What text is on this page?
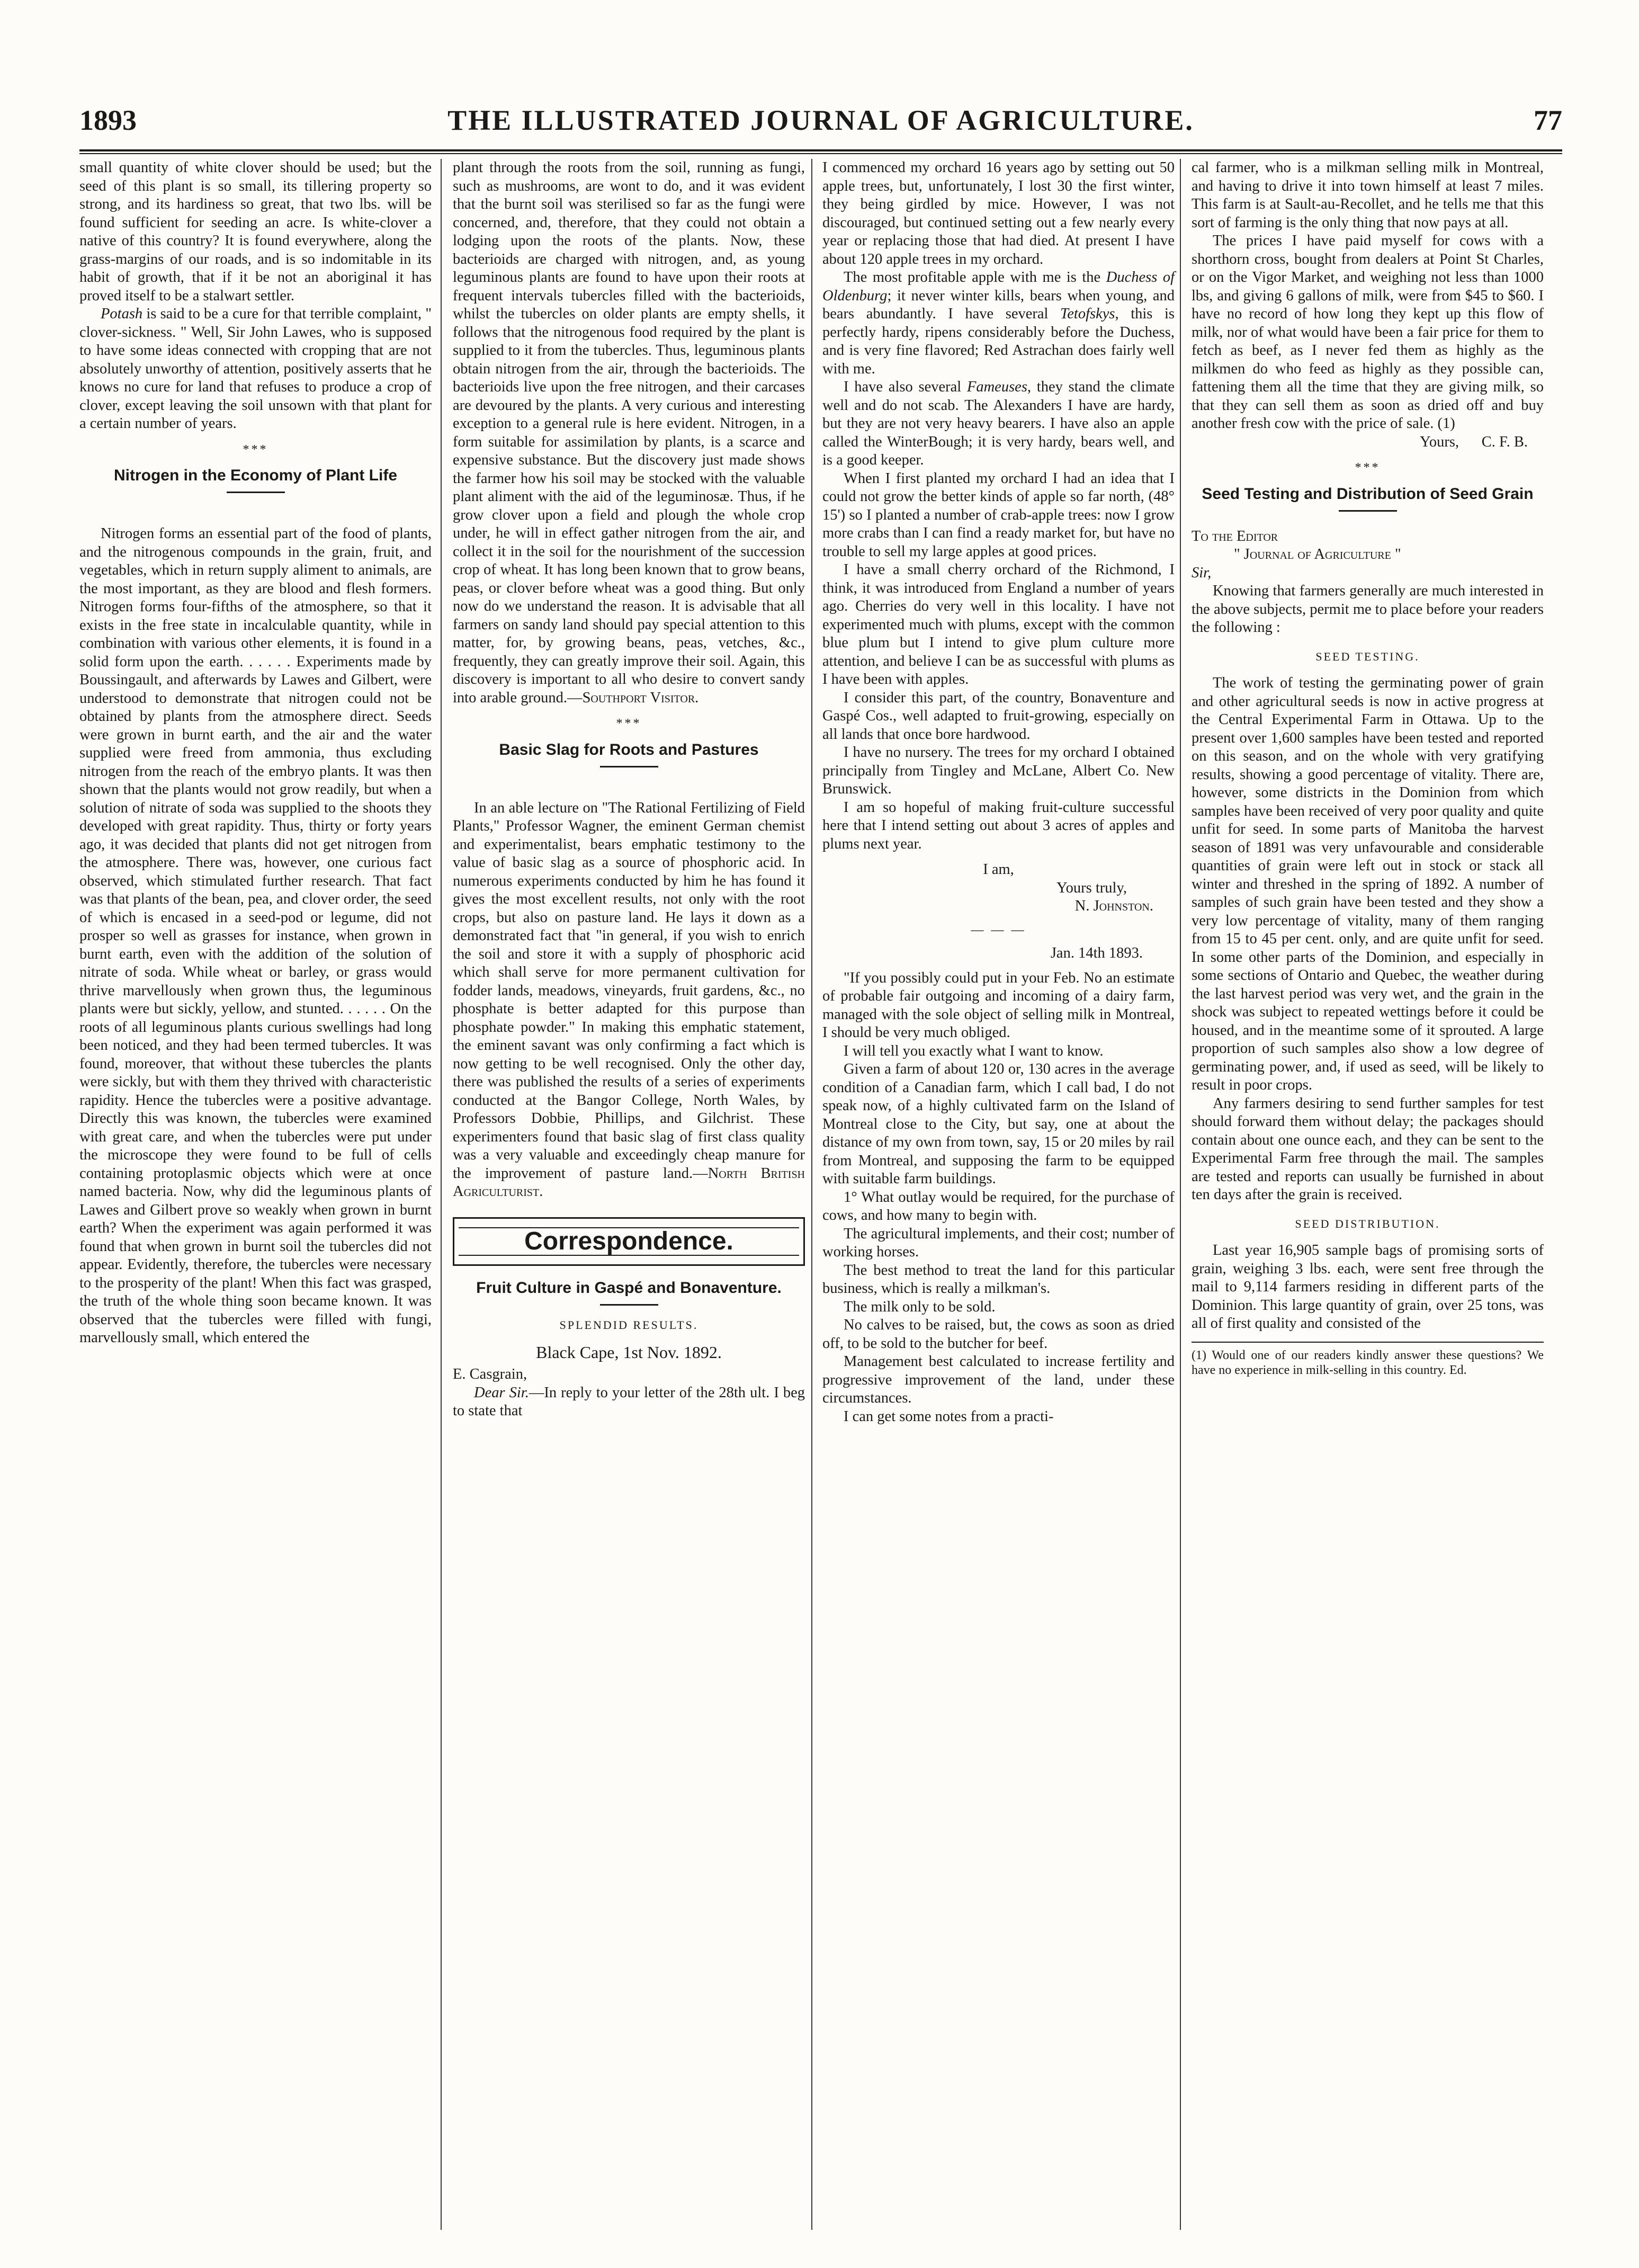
1893	THE ILLUSTRATED JOURNAL OF AGRICULTURE.	77

small quantity of white clover should be used; but the seed of this plant is so small, its tillering property so strong, and its hardiness so great, that two lbs. will be found sufficient for seeding an acre. Is white-clover a native of this country? It is found everywhere, along the grass-margins of our roads, and is so indomitable in its habit of growth, that if it be not an aboriginal it has proved itself to be a stalwart settler.

Potash is said to be a cure for that terrible complaint, " clover-sickness. " Well, Sir John Lawes, who is supposed to have some ideas connected with cropping that are not absolutely unworthy of attention, positively asserts that he knows no cure for land that refuses to produce a crop of clover, except leaving the soil unsown with that plant for a certain number of years.

***
Nitrogen in the Economy of Plant Life

Nitrogen forms an essential part of the food of plants, and the nitrogenous compounds in the grain, fruit, and vegetables, which in return supply aliment to animals, are the most important, as they are blood and flesh formers. Nitrogen forms four-fifths of the atmosphere, so that it exists in the free state in incalculable quantity, while in combination with various other elements, it is found in a solid form upon the earth. . . . . . Experiments made by Boussingault, and afterwards by Lawes and Gilbert, were understood to demonstrate that nitrogen could not be obtained by plants from the atmosphere direct. Seeds were grown in burnt earth, and the air and the water supplied were freed from ammonia, thus excluding nitrogen from the reach of the embryo plants. It was then shown that the plants would not grow readily, but when a solution of nitrate of soda was supplied to the shoots they developed with great rapidity. Thus, thirty or forty years ago, it was decided that plants did not get nitrogen from the atmosphere. There was, however, one curious fact observed, which stimulated further research. That fact was that plants of the bean, pea, and clover order, the seed of which is encased in a seed-pod or legume, did not prosper so well as grasses for instance, when grown in burnt earth, even with the addition of the solution of nitrate of soda. While wheat or barley, or grass would thrive marvellously when grown thus, the leguminous plants were but sickly, yellow, and stunted. . . . . . On the roots of all leguminous plants curious swellings had long been noticed, and they had been termed tubercles. It was found, moreover, that without these tubercles the plants were sickly, but with them they thrived with characteristic rapidity. Hence the tubercles were a positive advantage. Directly this was known, the tubercles were examined with great care, and when the tubercles were put under the microscope they were found to be full of cells containing protoplasmic objects which were at once named bacteria. Now, why did the leguminous plants of Lawes and Gilbert prove so weakly when grown in burnt earth? When the experiment was again performed it was found that when grown in burnt soil the tubercles did not appear. Evidently, therefore, the tubercles were necessary to the prosperity of the plant! When this fact was grasped, the truth of the whole thing soon became known. It was observed that the tubercles were filled with fungi, marvellously small, which entered the

plant through the roots from the soil, running as fungi, such as mushrooms, are wont to do, and it was evident that the burnt soil was sterilised so far as the fungi were concerned, and, therefore, that they could not obtain a lodging upon the roots of the plants. Now, these bacterioids are charged with nitrogen, and, as young leguminous plants are found to have upon their roots at frequent intervals tubercles filled with the bacterioids, whilst the tubercles on older plants are empty shells, it follows that the nitrogenous food required by the plant is supplied to it from the tubercles. Thus, leguminous plants obtain nitrogen from the air, through the bacterioids. The bacterioids live upon the free nitrogen, and their carcases are devoured by the plants. A very curious and interesting exception to a general rule is here evident. Nitrogen, in a form suitable for assimilation by plants, is a scarce and expensive substance. But the discovery just made shows the farmer how his soil may be stocked with the valuable plant aliment with the aid of the leguminosæ. Thus, if he grow clover upon a field and plough the whole crop under, he will in effect gather nitrogen from the air, and collect it in the soil for the nourishment of the succession crop of wheat. It has long been known that to grow beans, peas, or clover before wheat was a good thing. But only now do we understand the reason. It is advisable that all farmers on sandy land should pay special attention to this matter, for, by growing beans, peas, vetches, &c., frequently, they can greatly improve their soil. Again, this discovery is important to all who desire to convert sandy into arable ground.—Southport Visitor.

***
Basic Slag for Roots and Pastures

In an able lecture on "The Rational Fertilizing of Field Plants," Professor Wagner, the eminent German chemist and experimentalist, bears emphatic testimony to the value of basic slag as a source of phosphoric acid. In numerous experiments conducted by him he has found it gives the most excellent results, not only with the root crops, but also on pasture land. He lays it down as a demonstrated fact that "in general, if you wish to enrich the soil and store it with a supply of phosphoric acid which shall serve for more permanent cultivation for fodder lands, meadows, vineyards, fruit gardens, &c., no phosphate is better adapted for this purpose than phosphate powder." In making this emphatic statement, the eminent savant was only confirming a fact which is now getting to be well recognised. Only the other day, there was published the results of a series of experiments conducted at the Bangor College, North Wales, by Professors Dobbie, Phillips, and Gilchrist. These experimenters found that basic slag of first class quality was a very valuable and exceedingly cheap manure for the improvement of pasture land.—North British Agriculturist.

Correspondence.
Fruit Culture in Gaspé and Bonaventure.
SPLENDID RESULTS.

Black Cape, 1st Nov. 1892.

E. Casgrain,

Dear Sir.—In reply to your letter of the 28th ult. I beg to state that

I commenced my orchard 16 years ago by setting out 50 apple trees, but, unfortunately, I lost 30 the first winter, they being girdled by mice. However, I was not discouraged, but continued setting out a few nearly every year or replacing those that had died. At present I have about 120 apple trees in my orchard.

The most profitable apple with me is the Duchess of Oldenburg; it never winter kills, bears when young, and bears abundantly. I have several Tetofskys, this is perfectly hardy, ripens considerably before the Duchess, and is very fine flavored; Red Astrachan does fairly well with me.

I have also several Fameuses, they stand the climate well and do not scab. The Alexanders I have are hardy, but they are not very heavy bearers. I have also an apple called the WinterBough; it is very hardy, bears well, and is a good keeper.

When I first planted my orchard I had an idea that I could not grow the better kinds of apple so far north, (48° 15') so I planted a number of crab-apple trees: now I grow more crabs than I can find a ready market for, but have no trouble to sell my large apples at good prices.

I have a small cherry orchard of the Richmond, I think, it was introduced from England a number of years ago. Cherries do very well in this locality. I have not experimented much with plums, except with the common blue plum but I intend to give plum culture more attention, and believe I can be as successful with plums as I have been with apples.

I consider this part, of the country, Bonaventure and Gaspé Cos., well adapted to fruit-growing, especially on all lands that once bore hardwood.

I have no nursery. The trees for my orchard I obtained principally from Tingley and McLane, Albert Co. New Brunswick.

I am so hopeful of making fruit-culture successful here that I intend setting out about 3 acres of apples and plums next year.

I am,

Yours truly,

N. Johnston.

— — —

Jan. 14th 1893.

"If you possibly could put in your Feb. No an estimate of probable fair outgoing and incoming of a dairy farm, managed with the sole object of selling milk in Montreal, I should be very much obliged.

I will tell you exactly what I want to know.

Given a farm of about 120 or, 130 acres in the average condition of a Canadian farm, which I call bad, I do not speak now, of a highly cultivated farm on the Island of Montreal close to the City, but say, one at about the distance of my own from town, say, 15 or 20 miles by rail from Montreal, and supposing the farm to be equipped with suitable farm buildings.

1° What outlay would be required, for the purchase of cows, and how many to begin with.

The agricultural implements, and their cost; number of working horses.

The best method to treat the land for this particular business, which is really a milkman's.

The milk only to be sold.

No calves to be raised, but, the cows as soon as dried off, to be sold to the butcher for beef.

Management best calculated to increase fertility and progressive improvement of the land, under these circumstances.

I can get some notes from a practi-

cal farmer, who is a milkman selling milk in Montreal, and having to drive it into town himself at least 7 miles. This farm is at Sault-au-Recollet, and he tells me that this sort of farming is the only thing that now pays at all.

The prices I have paid myself for cows with a shorthorn cross, bought from dealers at Point St Charles, or on the Vigor Market, and weighing not less than 1000 lbs, and giving 6 gallons of milk, were from $45 to $60. I have no record of how long they kept up this flow of milk, nor of what would have been a fair price for them to fetch as beef, as I never fed them as highly as the milkmen do who feed as highly as they possible can, fattening them all the time that they are giving milk, so that they can sell them as soon as dried off and buy another fresh cow with the price of sale. (1)

Yours,      C. F. B.

***
Seed Testing and Distribution of Seed Grain

To the Editor

" Journal of Agriculture "

Sir,

Knowing that farmers generally are much interested in the above subjects, permit me to place before your readers the following :

SEED TESTING.

The work of testing the germinating power of grain and other agricultural seeds is now in active progress at the Central Experimental Farm in Ottawa. Up to the present over 1,600 samples have been tested and reported on this season, and on the whole with very gratifying results, showing a good percentage of vitality. There are, however, some districts in the Dominion from which samples have been received of very poor quality and quite unfit for seed. In some parts of Manitoba the harvest season of 1891 was very unfavourable and considerable quantities of grain were left out in stock or stack all winter and threshed in the spring of 1892. A number of samples of such grain have been tested and they show a very low percentage of vitality, many of them ranging from 15 to 45 per cent. only, and are quite unfit for seed. In some other parts of the Dominion, and especially in some sections of Ontario and Quebec, the weather during the last harvest period was very wet, and the grain in the shock was subject to repeated wettings before it could be housed, and in the meantime some of it sprouted. A large proportion of such samples also show a low degree of germinating power, and, if used as seed, will be likely to result in poor crops.

Any farmers desiring to send further samples for test should forward them without delay; the packages should contain about one ounce each, and they can be sent to the Experimental Farm free through the mail. The samples are tested and reports can usually be furnished in about ten days after the grain is received.

SEED DISTRIBUTION.

Last year 16,905 sample bags of promising sorts of grain, weighing 3 lbs. each, were sent free through the mail to 9,114 farmers residing in different parts of the Dominion. This large quantity of grain, over 25 tons, was all of first quality and consisted of the

(1) Would one of our readers kindly answer these questions? We have no experience in milk-selling in this country. Ed.
